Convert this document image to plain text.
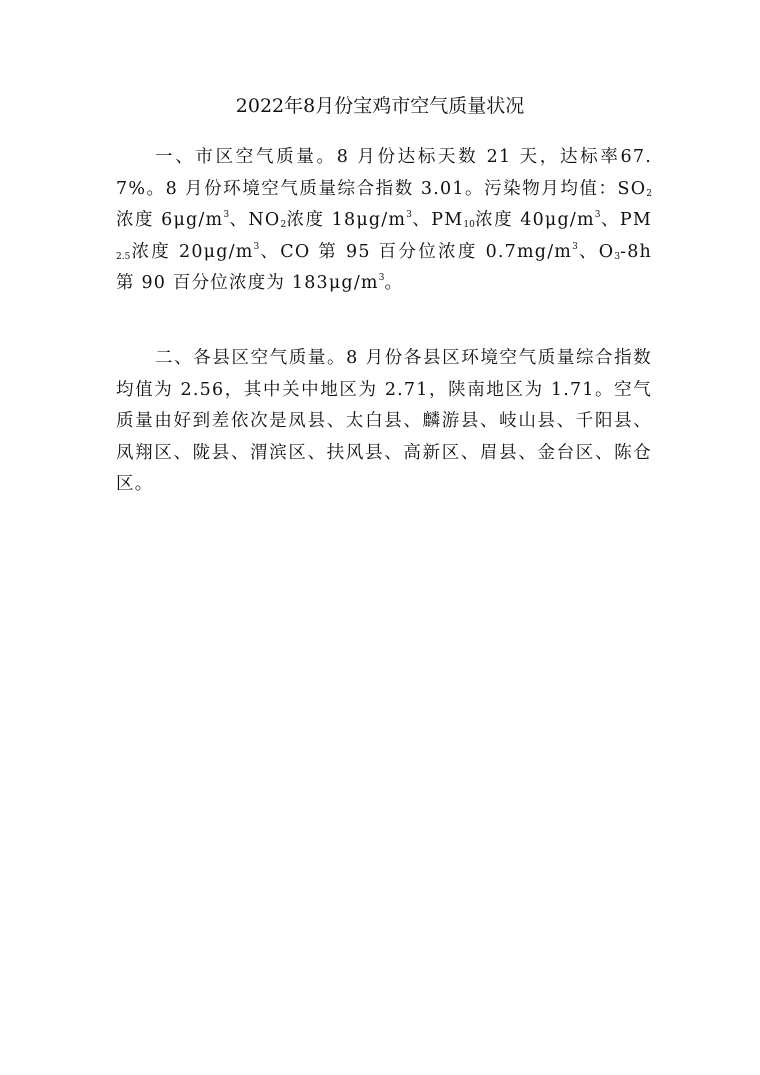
2022年8月份宝鸡市空气质量状况
一、市区空气质量。8 月份达标天数 21 天，达标率67.7%。8 月份环境空气质量综合指数 3.01。污染物月均值：$SO_2$浓度 $6\mu g/m^3$、$NO_2$浓度 $18\mu g/m^3$、$PM_{10}$浓度 $40\mu g/m^3$、$PM_{2.5}$浓度 $20\mu g/m^3$、CO 第 95 百分位浓度 $0.7mg/m^3$、$O_3-8h$ 第 90 百分位浓度为 $183\mu g/m^3$。
二、各县区空气质量。8 月份各县区环境空气质量综合指数均值为 2.56，其中关中地区为 2.71，陕南地区为 1.71。空气质量由好到差依次是凤县、太白县、麟游县、岐山县、千阳县、凤翔区、陇县、渭滨区、扶风县、高新区、眉县、金台区、陈仓区。
